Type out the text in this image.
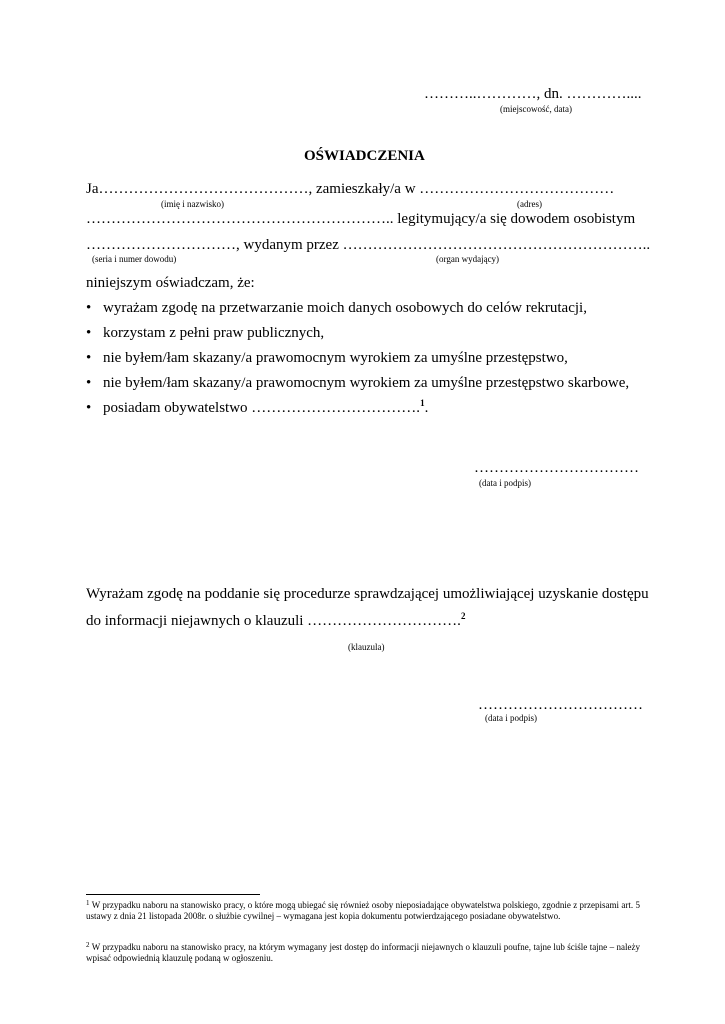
………..…………, dn. …………....
(miejscowość, data)
OŚWIADCZENIA
Ja……………………………………, zamieszkały/a w …………………………………
(imię i nazwisko)	(adres)
…………………………………………………….. legitymujący/a się dowodem osobistym
…………………………, wydanym przez ……………………………………………………..
(seria i numer dowodu)	(organ wydający)
niniejszym oświadczam, że:
• wyrażam zgodę na przetwarzanie moich danych osobowych do celów rekrutacji,
• korzystam z pełni praw publicznych,
• nie byłem/łam skazany/a prawomocnym wyrokiem za umyślne przestępstwo,
• nie byłem/łam skazany/a prawomocnym wyrokiem za umyślne przestępstwo skarbowe,
• posiadam obywatelstwo …………………………….$^1$.
……………………………
(data i podpis)
Wyrażam zgodę na poddanie się procedurze sprawdzającej umożliwiającej uzyskanie dostępu
do informacji niejawnych o klauzuli ………………………….$^2$
(klauzula)
……………………………
(data i podpis)
$^1$ W przypadku naboru na stanowisko pracy, o które mogą ubiegać się również osoby nieposiadające obywatelstwa polskiego, zgodnie z przepisami art. 5 ustawy z dnia 21 listopada 2008r. o służbie cywilnej – wymagana jest kopia dokumentu potwierdzającego posiadane obywatelstwo.
$^2$ W przypadku naboru na stanowisko pracy, na którym wymagany jest dostęp do informacji niejawnych o klauzuli poufne, tajne lub ściśle tajne – należy wpisać odpowiednią klauzulę podaną w ogłoszeniu.
